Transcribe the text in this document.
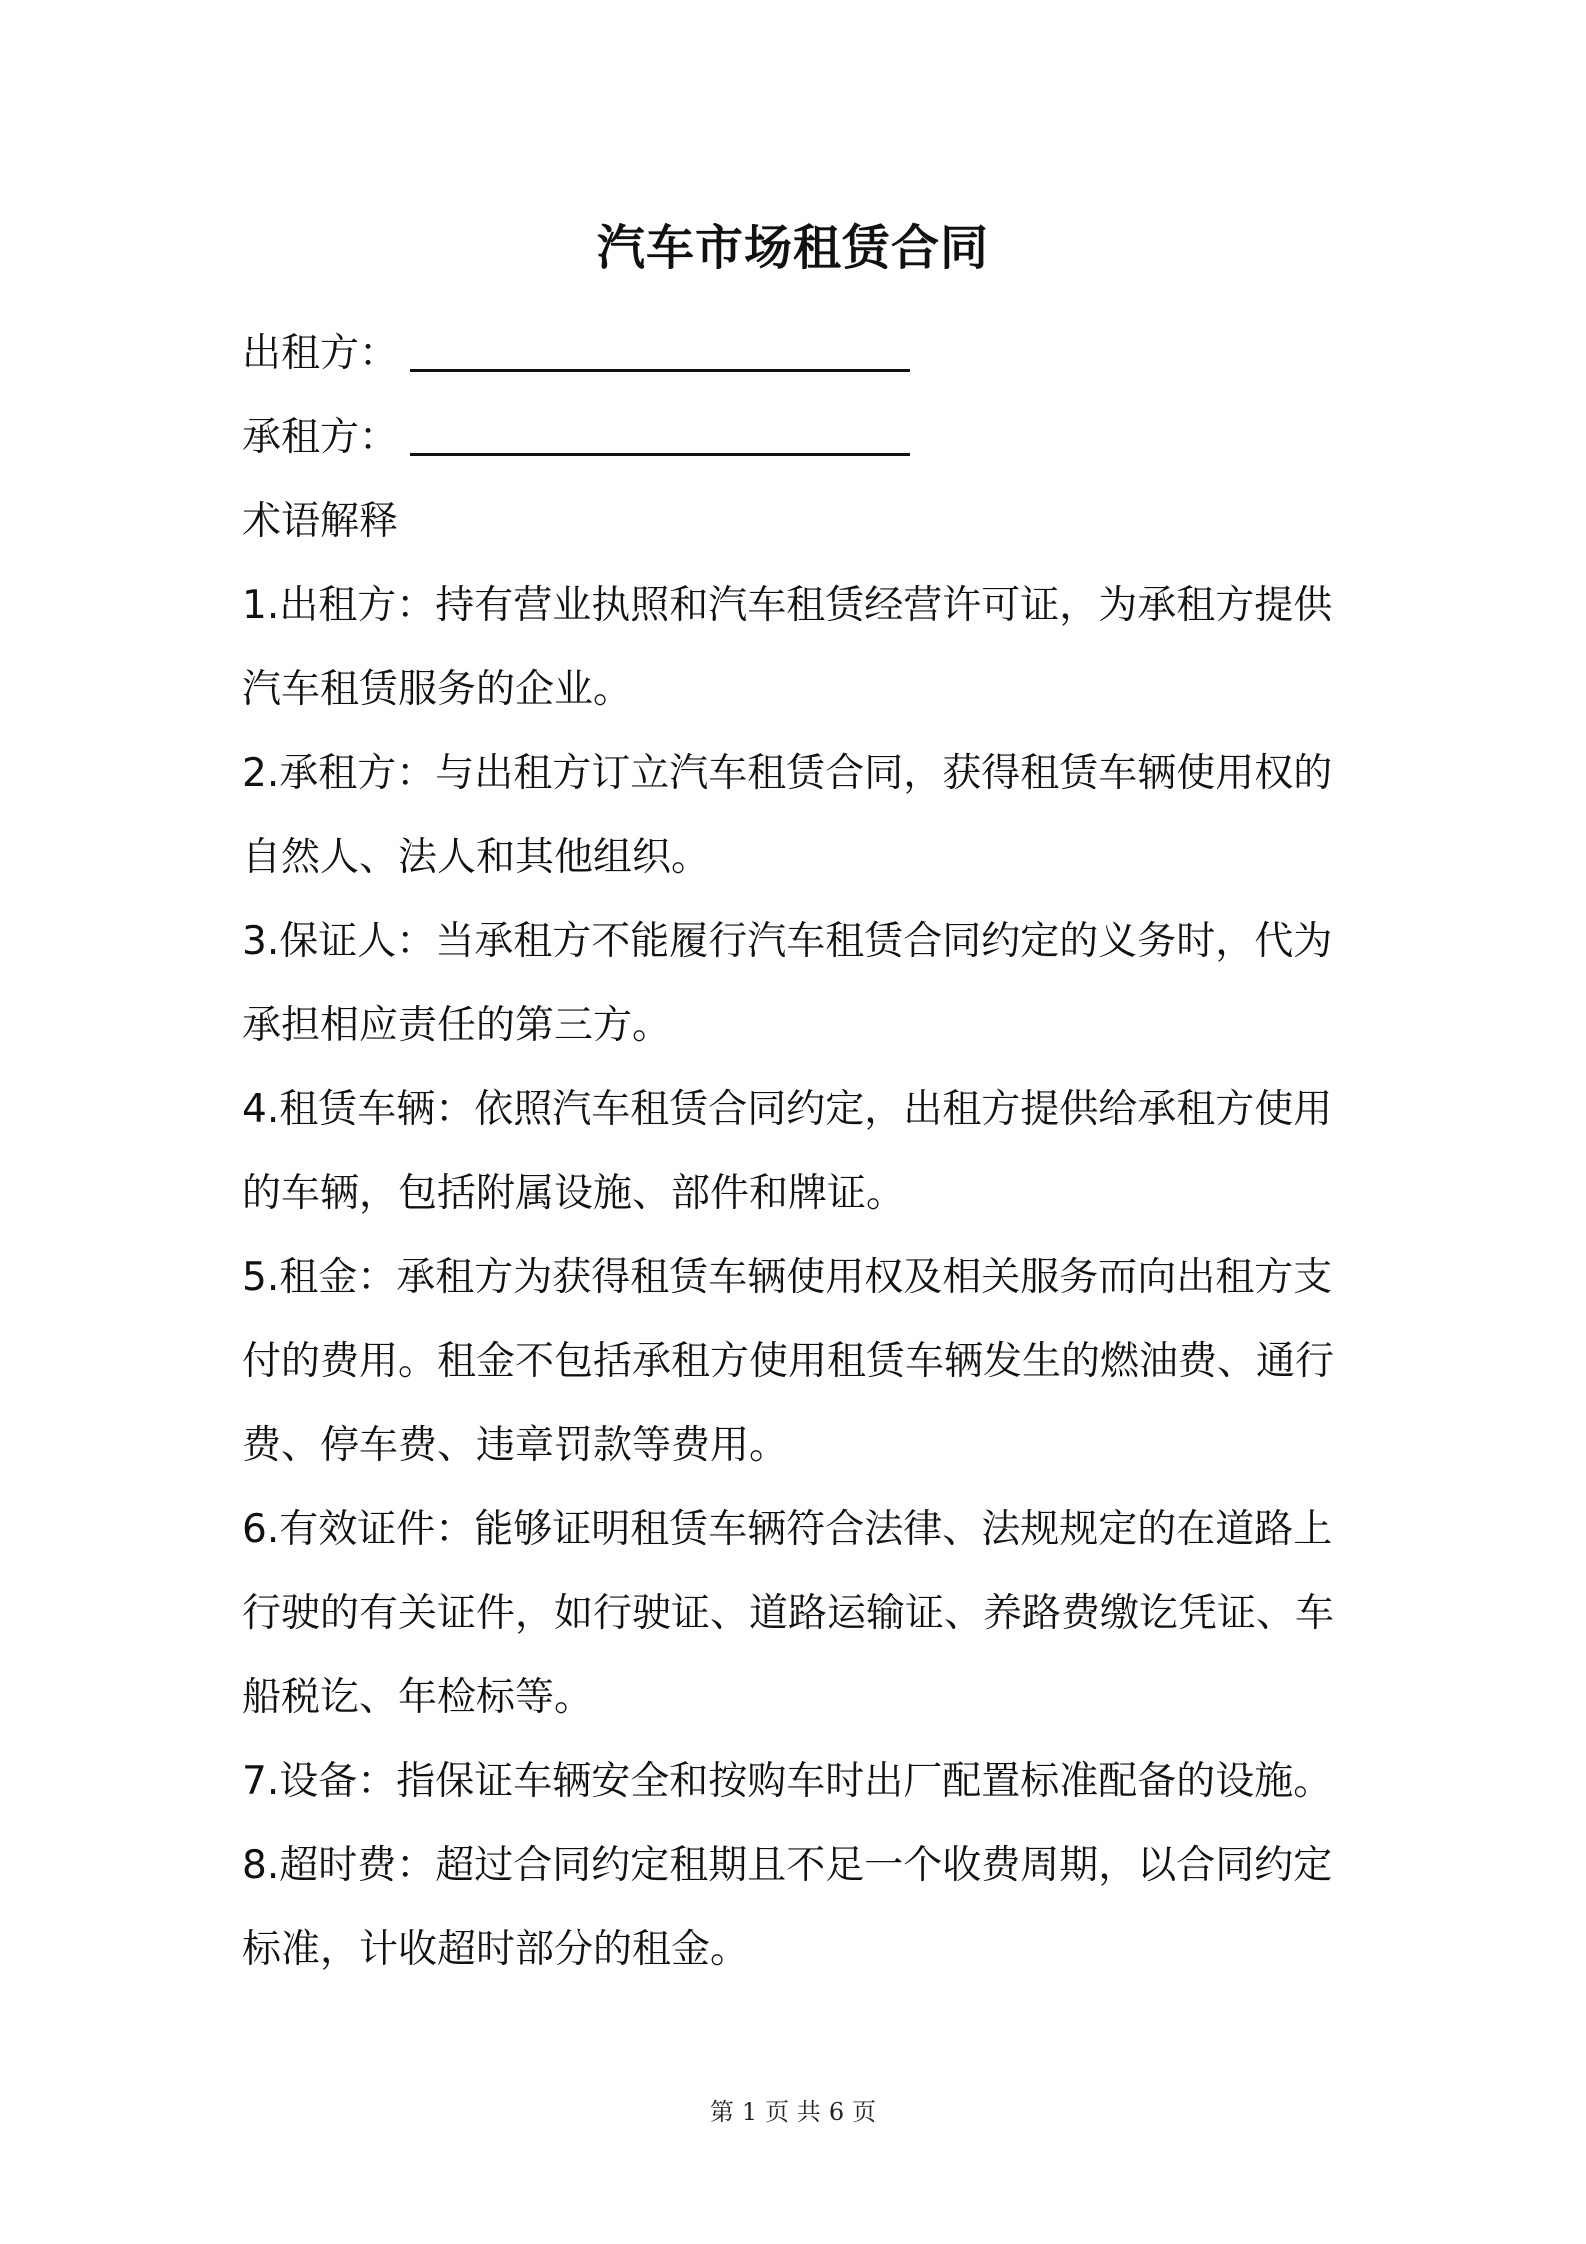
汽车市场租赁合同
出租方：
承租方：
术语解释
1.出租方：持有营业执照和汽车租赁经营许可证，为承租方提供
汽车租赁服务的企业。
2.承租方：与出租方订立汽车租赁合同，获得租赁车辆使用权的
自然人、法人和其他组织。
3.保证人：当承租方不能履行汽车租赁合同约定的义务时，代为
承担相应责任的第三方。
4.租赁车辆：依照汽车租赁合同约定，出租方提供给承租方使用
的车辆，包括附属设施、部件和牌证。
5.租金：承租方为获得租赁车辆使用权及相关服务而向出租方支
付的费用。租金不包括承租方使用租赁车辆发生的燃油费、通行
费、停车费、违章罚款等费用。
6.有效证件：能够证明租赁车辆符合法律、法规规定的在道路上
行驶的有关证件，如行驶证、道路运输证、养路费缴讫凭证、车
船税讫、年检标等。
7.设备：指保证车辆安全和按购车时出厂配置标准配备的设施。
8.超时费：超过合同约定租期且不足一个收费周期，以合同约定
标准，计收超时部分的租金。
第 1 页 共 6 页
